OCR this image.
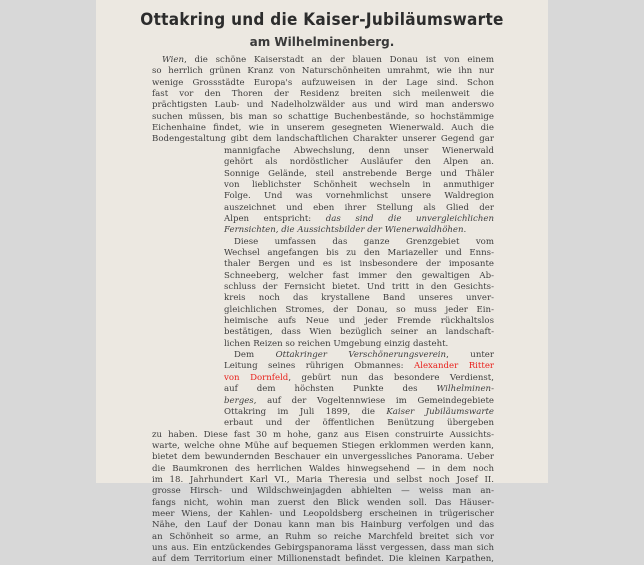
Ottakring und die Kaiser-Jubiläumswarte
am Wilhelminenberg.
Wien, die schöne Kaiserstadt an der blauen Donau ist von einem
so herrlich grünen Kranz von Naturschönheiten umrahmt, wie ihn nur
wenige Grossstädte Europa's aufzuweisen in der Lage sind. Schon
fast vor den Thoren der Residenz breiten sich meilenweit die
prächtigsten Laub- und Nadelholzwälder aus und wird man anderswo
suchen müssen, bis man so schattige Buchenbestände, so hochstämmige
Eichenhaine findet, wie in unserem gesegneten Wienerwald. Auch die
Bodengestaltung gibt dem landschaftlichen Charakter unserer Gegend gar
mannigfache Abwechslung, denn unser Wienerwald
gehört als nordöstlicher Ausläufer den Alpen an.
Sonnige Gelände, steil anstrebende Berge und Thäler
von lieblichster Schönheit wechseln in anmuthiger
Folge. Und was vornehmlichst unsere Waldregion
auszeichnet und eben ihrer Stellung als Glied der
Alpen entspricht: das sind die unvergleichlichen
Fernsichten, die Aussichtsbilder der Wienerwaldhöhen.
Diese umfassen das ganze Grenzgebiet vom
Wechsel angefangen bis zu den Mariazeller und Enns-
thaler Bergen und es ist insbesondere der imposante
Schneeberg, welcher fast immer den gewaltigen Ab-
schluss der Fernsicht bietet. Und tritt in den Gesichts-
kreis noch das krystallene Band unseres unver-
gleichlichen Stromes, der Donau, so muss jeder Ein-
heimische aufs Neue und jeder Fremde rückhaltslos
bestätigen, dass Wien bezüglich seiner an landschaft-
lichen Reizen so reichen Umgebung einzig dasteht.
Dem Ottakringer Verschönerungsverein, unter
Leitung seines rührigen Obmannes: Alexander Ritter
von Dornfeld, gebürt nun das besondere Verdienst,
auf dem höchsten Punkte des Wilhelminen-
berges, auf der Vogeltennwiese im Gemeindegebiete
Ottakring im Juli 1899, die Kaiser Jubiläumswarte
erbaut und der öffentlichen Benützung übergeben
zu haben. Diese fast 30 m hohe, ganz aus Eisen construirte Aussichts-
warte, welche ohne Mühe auf bequemen Stiegen erklommen werden kann,
bietet dem bewundernden Beschauer ein unvergessliches Panorama. Ueber
die Baumkronen des herrlichen Waldes hinwegsehend — in dem noch
im 18. Jahrhundert Karl VI., Maria Theresia und selbst noch Josef II.
grosse Hirsch- und Wildschweinjagden abhielten — weiss man an-
fangs nicht, wohin man zuerst den Blick wenden soll. Das Häuser-
meer Wiens, der Kahlen- und Leopoldsberg erscheinen in trügerischer
Nähe, den Lauf der Donau kann man bis Hainburg verfolgen und das
an Schönheit so arme, an Ruhm so reiche Marchfeld breitet sich vor
uns aus. Ein entzückendes Gebirgspanorama lässt vergessen, dass man sich
auf dem Territorium einer Millionenstadt befindet. Die kleinen Karpathen,
